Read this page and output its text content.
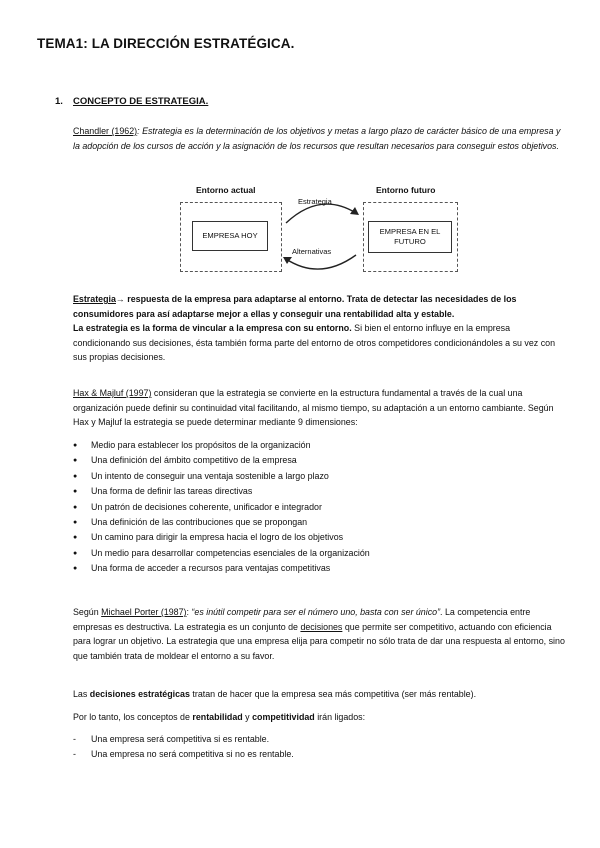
TEMA1: LA DIRECCIÓN ESTRATÉGICA.
1. CONCEPTO DE ESTRATEGIA.
Chandler (1962): Estrategia es la determinación de los objetivos y metas a largo plazo de carácter básico de una empresa y la adopción de los cursos de acción y la asignación de los recursos que resultan necesarios para conseguir estos objetivos.
Entorno actual	Entorno futuro
EMPRESA HOY	EMPRESA EN EL
FUTURO
Estrategia
Alternativas
Estrategia→ respuesta de la empresa para adaptarse al entorno. Trata de detectar las necesidades de los consumidores para así adaptarse mejor a ellas y conseguir una rentabilidad alta y estable.
La estrategia es la forma de vincular a la empresa con su entorno. Si bien el entorno influye en la empresa condicionando sus decisiones, ésta también forma parte del entorno de otros competidores condicionándoles a su vez con sus propias decisiones.
Hax & Majluf (1997) consideran que la estrategia se convierte en la estructura fundamental a través de la cual una organización puede definir su continuidad vital facilitando, al mismo tiempo, su adaptación a un entorno cambiante. Según Hax y Majluf la estrategia se puede determinar mediante 9 dimensiones:
● Medio para establecer los propósitos de la organización
● Una definición del ámbito competitivo de la empresa
● Un intento de conseguir una ventaja sostenible a largo plazo
● Una forma de definir las tareas directivas
● Un patrón de decisiones coherente, unificador e integrador
● Una definición de las contribuciones que se propongan
● Un camino para dirigir la empresa hacia el logro de los objetivos
● Un medio para desarrollar competencias esenciales de la organización
● Una forma de acceder a recursos para ventajas competitivas
Según Michael Porter (1987): “es inútil competir para ser el número uno, basta con ser único”. La competencia entre empresas es destructiva. La estrategia es un conjunto de decisiones que permite ser competitivo, actuando con eficiencia para lograr un objetivo. La estrategia que una empresa elija para competir no sólo trata de dar una respuesta al entorno, sino que también trata de moldear el entorno a su favor.
Las decisiones estratégicas tratan de hacer que la empresa sea más competitiva (ser más rentable).
Por lo tanto, los conceptos de rentabilidad y competitividad irán ligados:
- Una empresa será competitiva si es rentable.
- Una empresa no será competitiva si no es rentable.
